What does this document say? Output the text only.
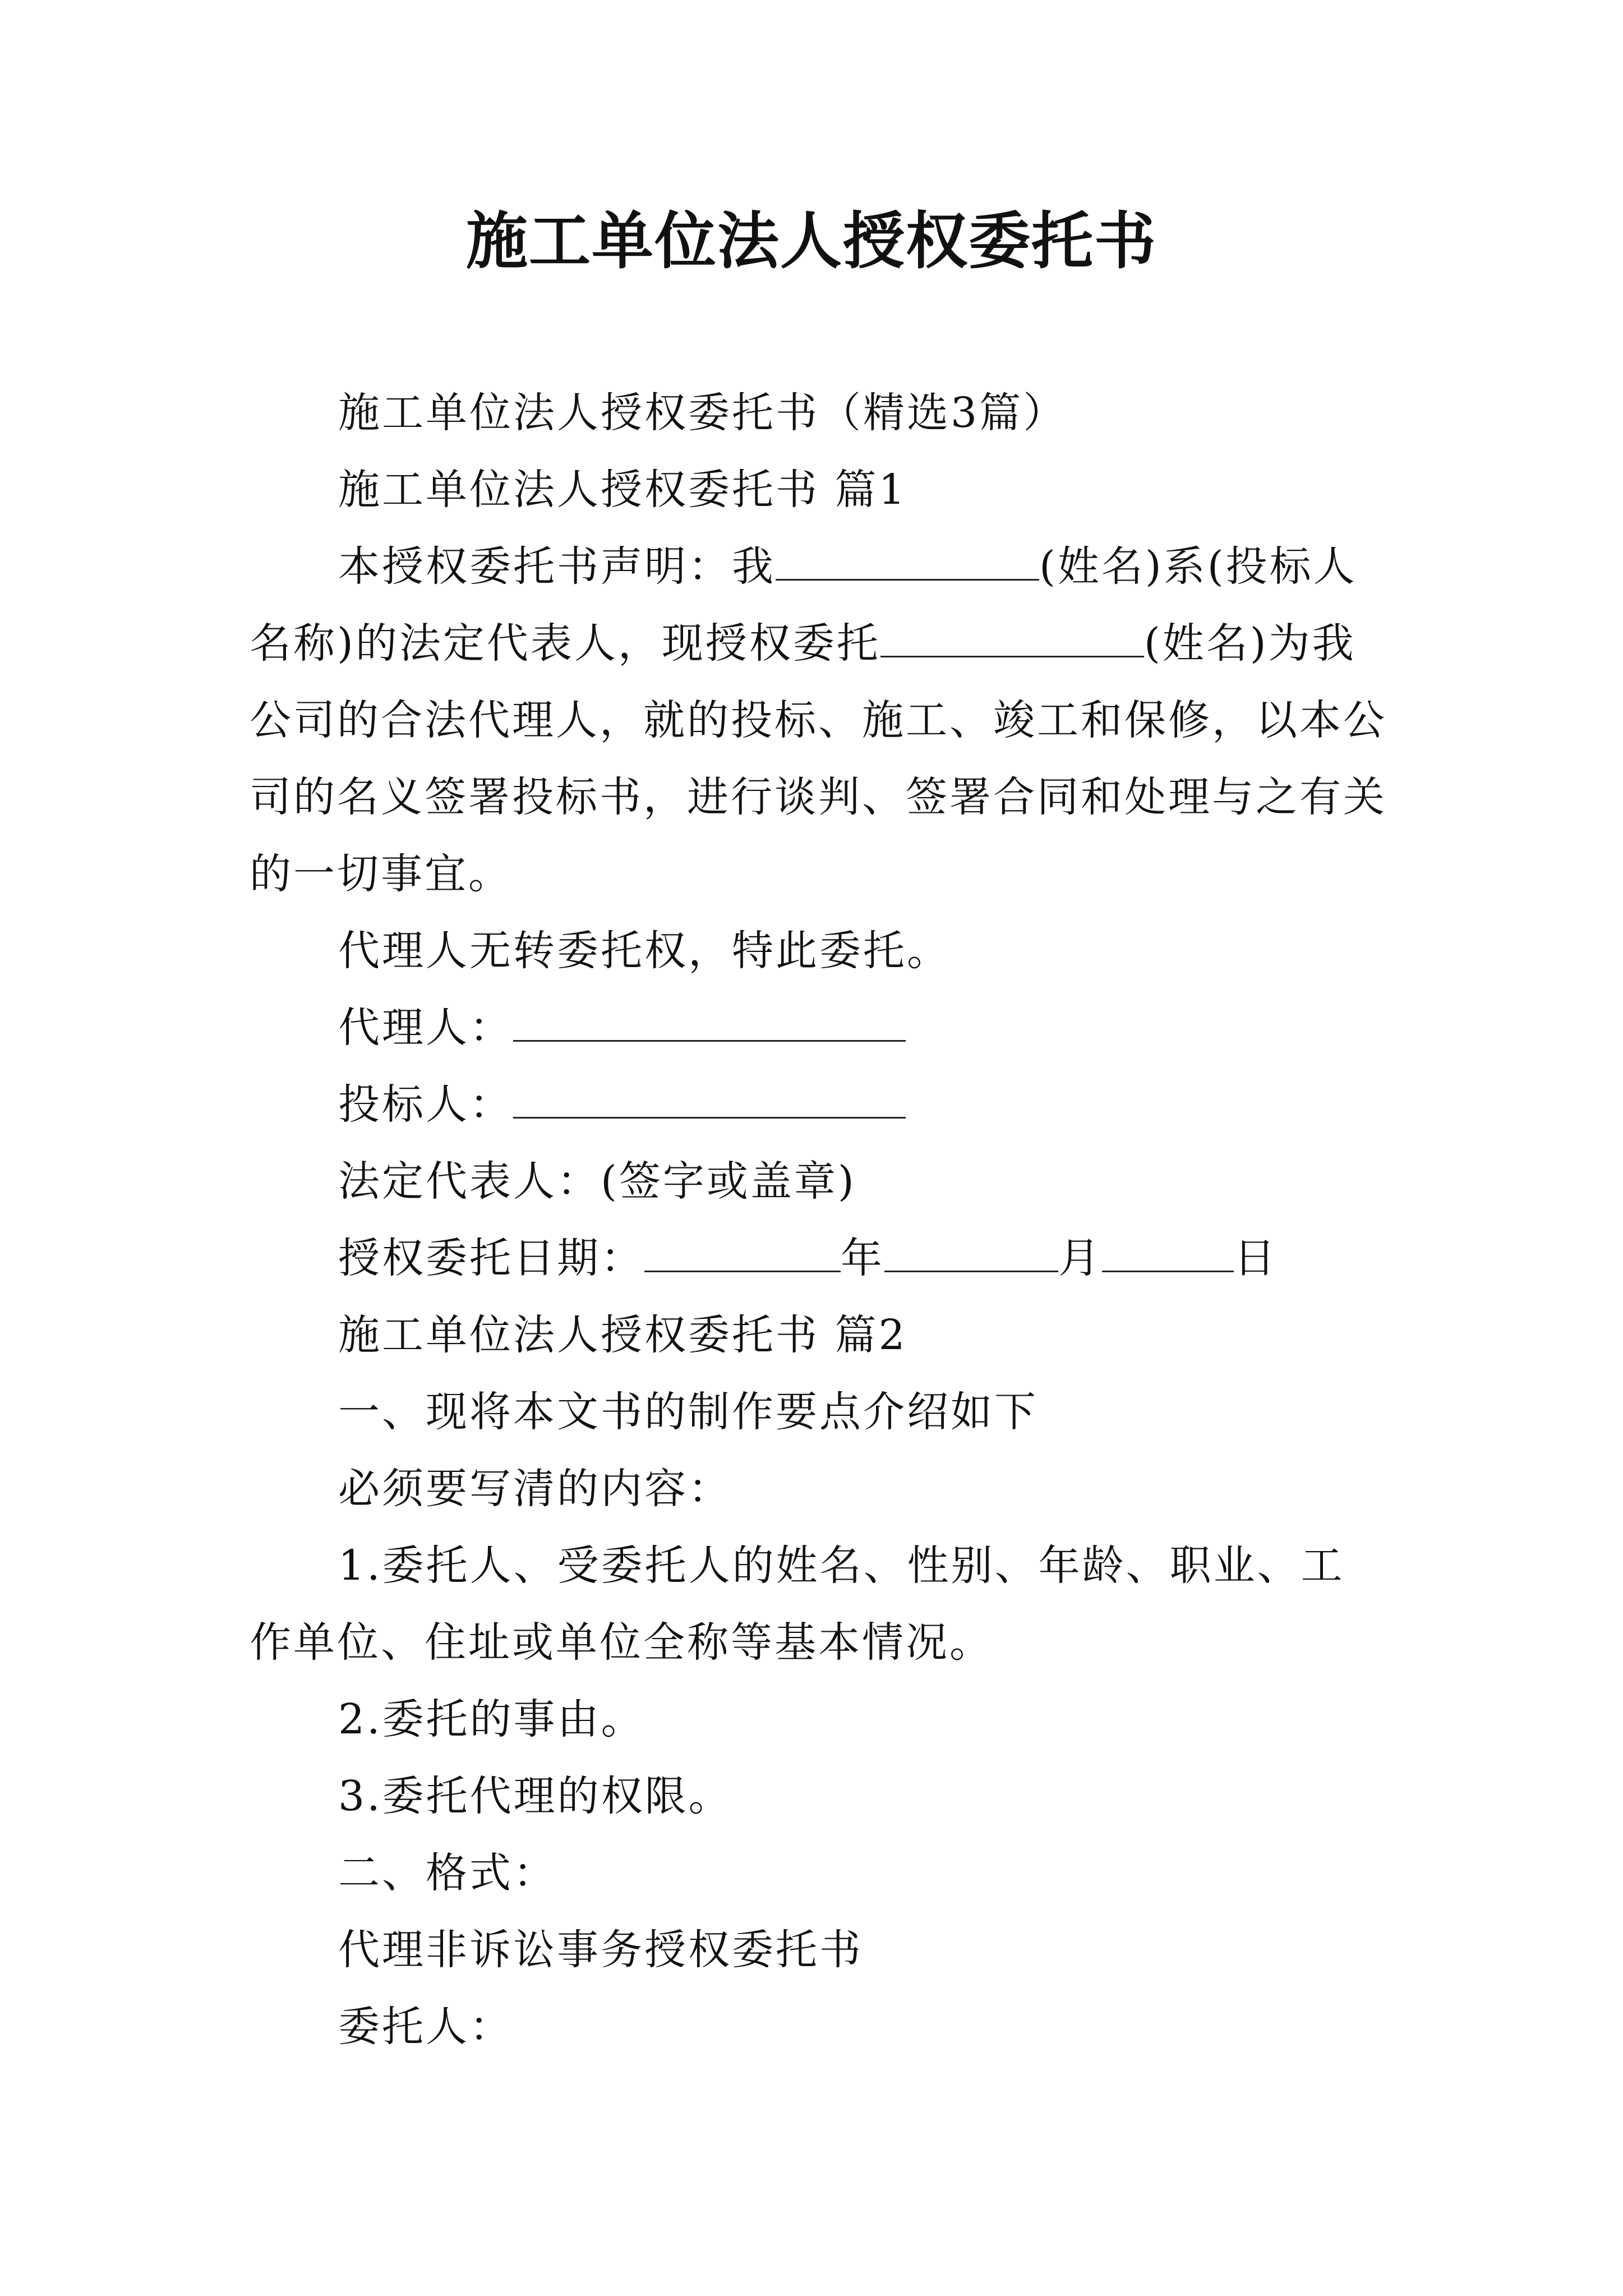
施工单位法人授权委托书

施工单位法人授权委托书（精选3篇）

施工单位法人授权委托书 篇1

本授权委托书声明：我	(姓名)系(投标人名称)的法定代表人，现授权委托	(姓名)为我公司的合法代理人，就的投标、施工、竣工和保修，以本公司的名义签署投标书，进行谈判、签署合同和处理与之有关的一切事宜。

代理人无转委托权，特此委托。

代理人：

投标人：

法定代表人：(签字或盖章)

授权委托日期：	年	月	日

施工单位法人授权委托书 篇2

一、现将本文书的制作要点介绍如下

必须要写清的内容：

1.委托人、受委托人的姓名、性别、年龄、职业、工作单位、住址或单位全称等基本情况。

2.委托的事由。

3.委托代理的权限。

二、格式：

代理非诉讼事务授权委托书

委托人：
